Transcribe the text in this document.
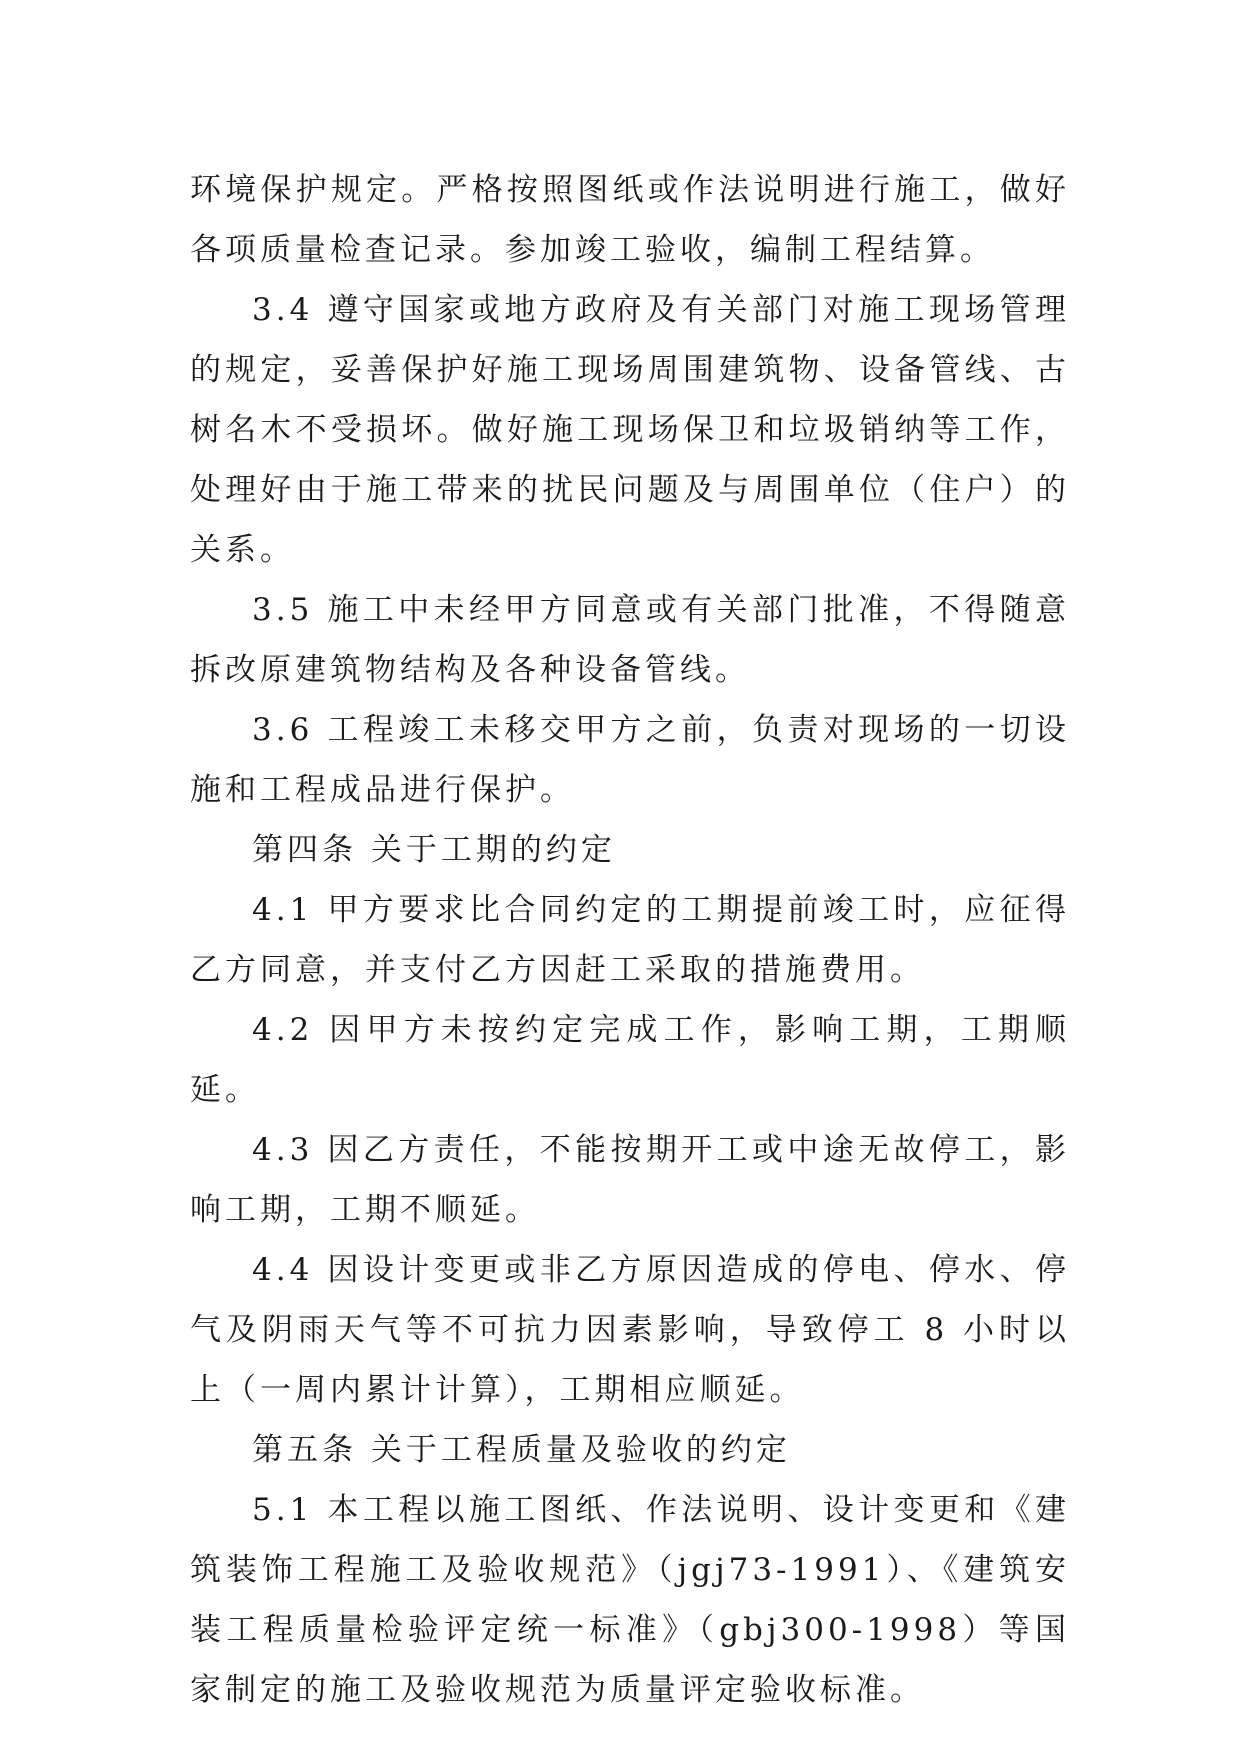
环境保护规定。严格按照图纸或作法说明进行施工，做好各项质量检查记录。参加竣工验收，编制工程结算。

3.4 遵守国家或地方政府及有关部门对施工现场管理的规定，妥善保护好施工现场周围建筑物、设备管线、古树名木不受损坏。做好施工现场保卫和垃圾销纳等工作，处理好由于施工带来的扰民问题及与周围单位（住户）的关系。

3.5 施工中未经甲方同意或有关部门批准，不得随意拆改原建筑物结构及各种设备管线。

3.6 工程竣工未移交甲方之前，负责对现场的一切设施和工程成品进行保护。

第四条 关于工期的约定

4.1 甲方要求比合同约定的工期提前竣工时，应征得乙方同意，并支付乙方因赶工采取的措施费用。

4.2 因甲方未按约定完成工作，影响工期，工期顺延。

4.3 因乙方责任，不能按期开工或中途无故停工，影响工期，工期不顺延。

4.4 因设计变更或非乙方原因造成的停电、停水、停气及阴雨天气等不可抗力因素影响，导致停工 8 小时以上（一周内累计计算），工期相应顺延。

第五条 关于工程质量及验收的约定

5.1 本工程以施工图纸、作法说明、设计变更和《建筑装饰工程施工及验收规范》（jgj73-1991）、《建筑安装工程质量检验评定统一标准》（gbj300-1998）等国家制定的施工及验收规范为质量评定验收标准。
